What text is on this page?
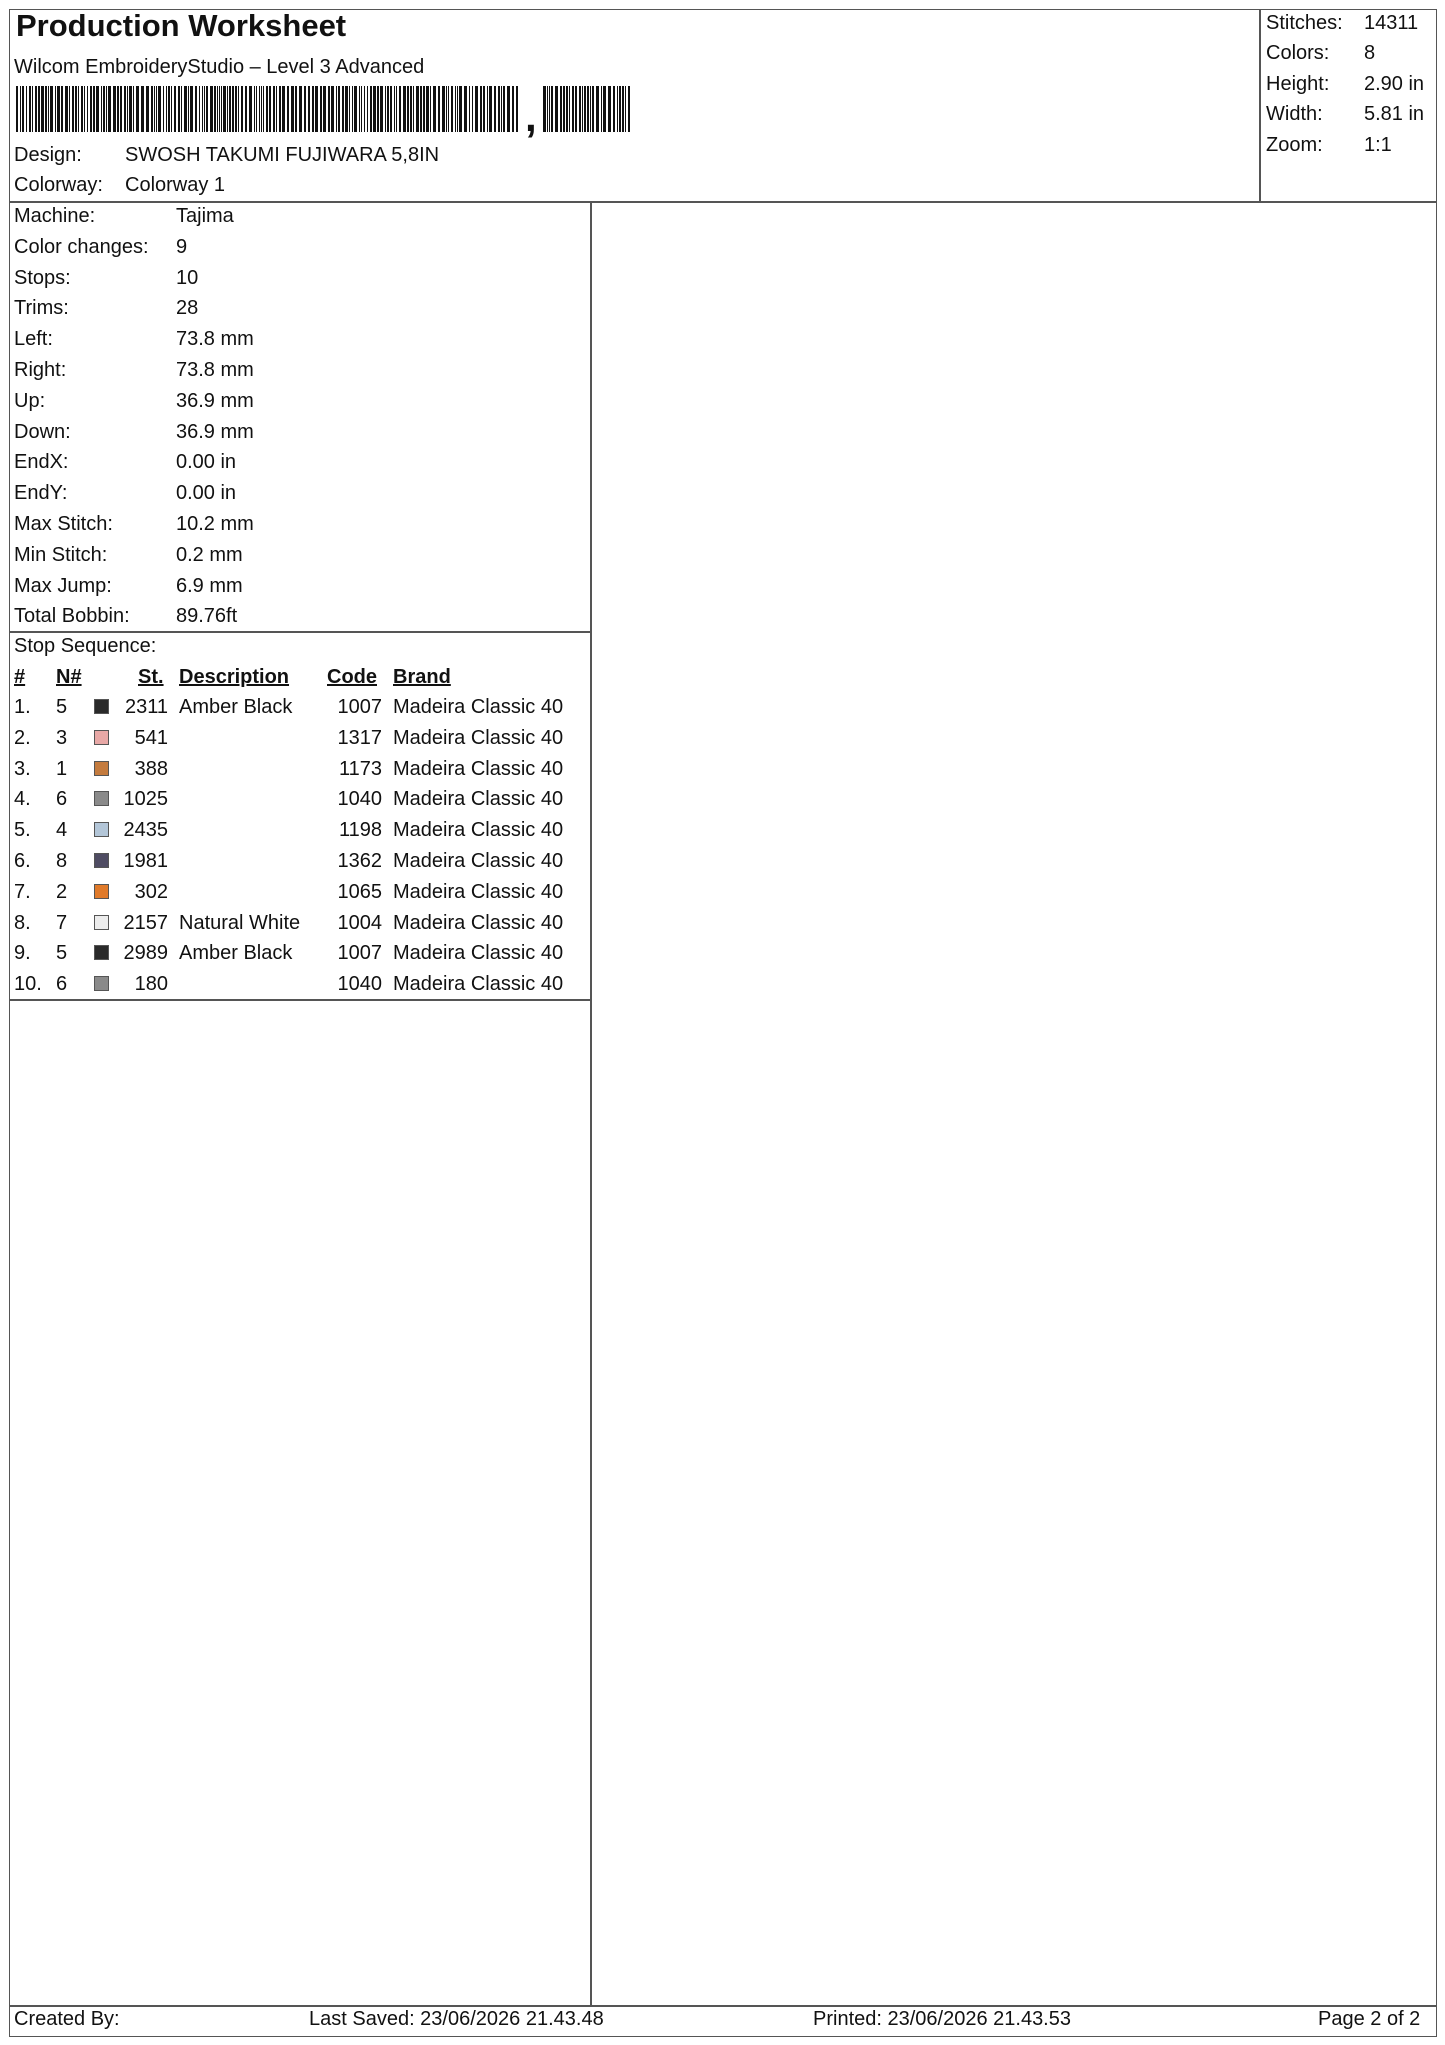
Production Worksheet
Wilcom EmbroideryStudio – Level 3 Advanced
,
Design: SWOSH TAKUMI FUJIWARA 5,8IN
Colorway: Colorway 1
Stitches:	14311
Colors:	8
Height:	2.90 in
Width:	5.81 in
Zoom:	1:1
Machine:	Tajima
Color changes:	9
Stops:	10
Trims:	28
Left:	73.8 mm
Right:	73.8 mm
Up:	36.9 mm
Down:	36.9 mm
EndX:	0.00 in
EndY:	0.00 in
Max Stitch:	10.2 mm
Min Stitch:	0.2 mm
Max Jump:	6.9 mm
Total Bobbin:	89.76ft
Stop Sequence:
# N#	St. Description Code Brand
1. 5	2311 Amber Black	1007 Madeira Classic 40
2. 3	541	1317 Madeira Classic 40
3. 1	388	1173 Madeira Classic 40
4. 6	1025	1040 Madeira Classic 40
5. 4	2435	1198 Madeira Classic 40
6. 8	1981	1362 Madeira Classic 40
7. 2	302	1065 Madeira Classic 40
8. 7	2157 Natural White	1004 Madeira Classic 40
9. 5	2989 Amber Black	1007 Madeira Classic 40
10. 6	180	1040 Madeira Classic 40
Created By:	Last Saved: 23/06/2026 21.43.48	Printed: 23/06/2026 21.43.53	Page 2 of 2
